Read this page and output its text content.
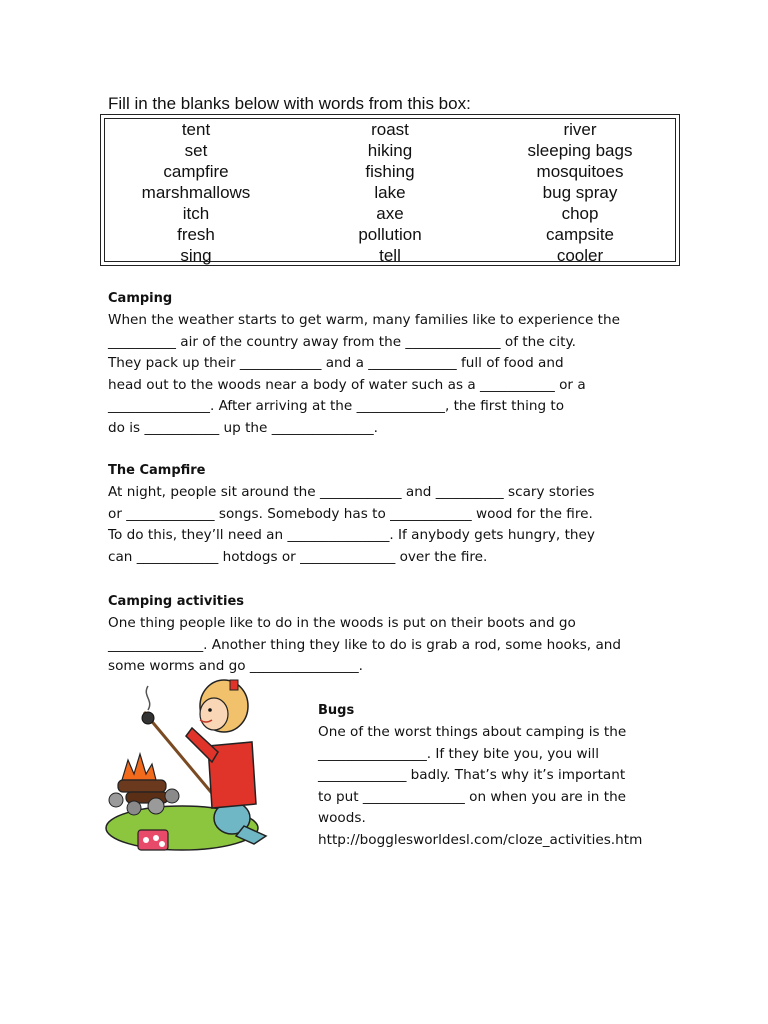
Fill in the blanks below with words from this box:
tent
set
campfire
marshmallows
itch
fresh
sing
roast
hiking
fishing
lake
axe
pollution
tell
river
sleeping bags
mosquitoes
bug spray
chop
campsite
cooler
Camping

When the weather starts to get warm, many families like to experience the

__________ air of the country away from the ______________ of the city.

They pack up their ____________ and a _____________ full of food and

head out to the woods near a body of water such as a ___________ or a

_______________. After arriving at the _____________, the first thing to

do is ___________ up the _______________.

The Campfire

At night, people sit around the ____________ and __________ scary stories

or _____________ songs. Somebody has to ____________ wood for the fire.

To do this, they’ll need an _______________. If anybody gets hungry, they

can ____________ hotdogs or ______________ over the fire.

Camping activities

One thing people like to do in the woods is put on their boots and go

______________. Another thing they like to do is grab a rod, some hooks, and

some worms and go ________________.

Bugs

One of the worst things about camping is the

________________. If they bite you, you will

_____________ badly. That’s why it’s important

to put _______________ on when you are in the

woods.

http://bogglesworldesl.com/cloze_activities.htm
